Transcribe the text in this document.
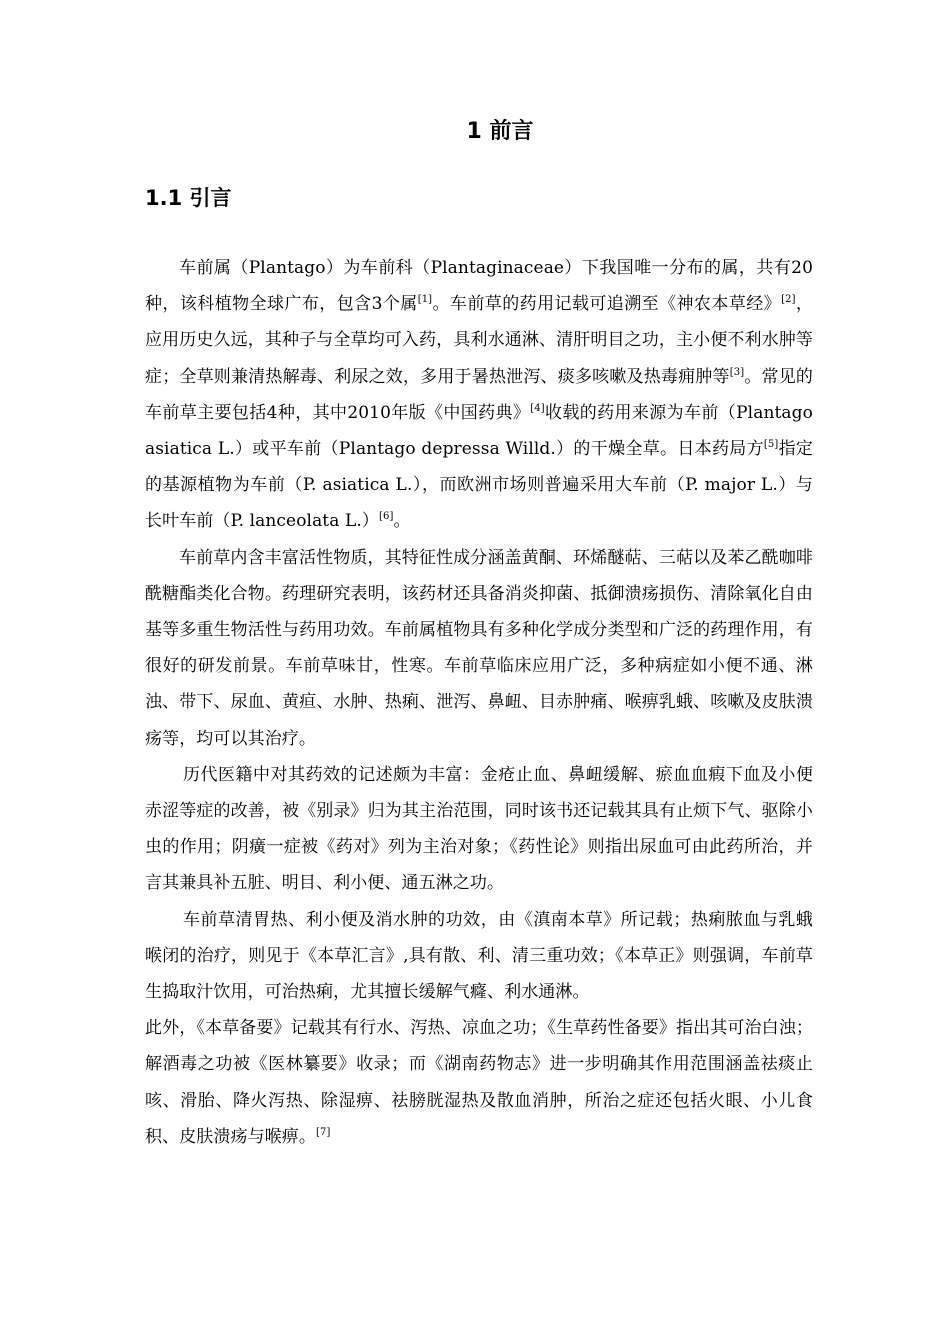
1 前言
1.1 引言

车前属（Plantago）为车前科（Plantaginaceae）下我国唯一分布的属，共有20种，该科植物全球广布，包含3个属[1]。车前草的药用记载可追溯至《神农本草经》[2]，应用历史久远，其种子与全草均可入药，具利水通淋、清肝明目之功，主小便不利水肿等症；全草则兼清热解毒、利尿之效，多用于暑热泄泻、痰多咳嗽及热毒痈肿等[3]。常见的车前草主要包括4种，其中2010年版《中国药典》[4]收载的药用来源为车前（Plantago asiatica L.）或平车前（Plantago depressa Willd.）的干燥全草。日本药局方[5]指定的基源植物为车前（P. asiatica L.），而欧洲市场则普遍采用大车前（P. major L.）与长叶车前（P. lanceolata L.）[6]。

车前草内含丰富活性物质，其特征性成分涵盖黄酮、环烯醚萜、三萜以及苯乙酰咖啡酰糖酯类化合物。药理研究表明，该药材还具备消炎抑菌、抵御溃疡损伤、清除氧化自由基等多重生物活性与药用功效。车前属植物具有多种化学成分类型和广泛的药理作用，有很好的研发前景。车前草味甘，性寒。车前草临床应用广泛，多种病症如小便不通、淋浊、带下、尿血、黄疸、水肿、热痢、泄泻、鼻衄、目赤肿痛、喉痹乳蛾、咳嗽及皮肤溃疡等，均可以其治疗。

历代医籍中对其药效的记述颇为丰富：金疮止血、鼻衄缓解、瘀血血瘕下血及小便赤涩等症的改善，被《别录》归为其主治范围，同时该书还记载其具有止烦下气、驱除小虫的作用；阴癀一症被《药对》列为主治对象；《药性论》则指出尿血可由此药所治，并言其兼具补五脏、明目、利小便、通五淋之功。

车前草清胃热、利小便及消水肿的功效，由《滇南本草》所记载；热痢脓血与乳蛾喉闭的治疗，则见于《本草汇言》,具有散、利、清三重功效；《本草正》则强调，车前草生捣取汁饮用，可治热痢，尤其擅长缓解气癃、利水通淋。

此外，《本草备要》记载其有行水、泻热、凉血之功；《生草药性备要》指出其可治白浊；解酒毒之功被《医林纂要》收录；而《湖南药物志》进一步明确其作用范围涵盖祛痰止咳、滑胎、降火泻热、除湿痹、祛膀胱湿热及散血消肿，所治之症还包括火眼、小儿食积、皮肤溃疡与喉痹。[7]
